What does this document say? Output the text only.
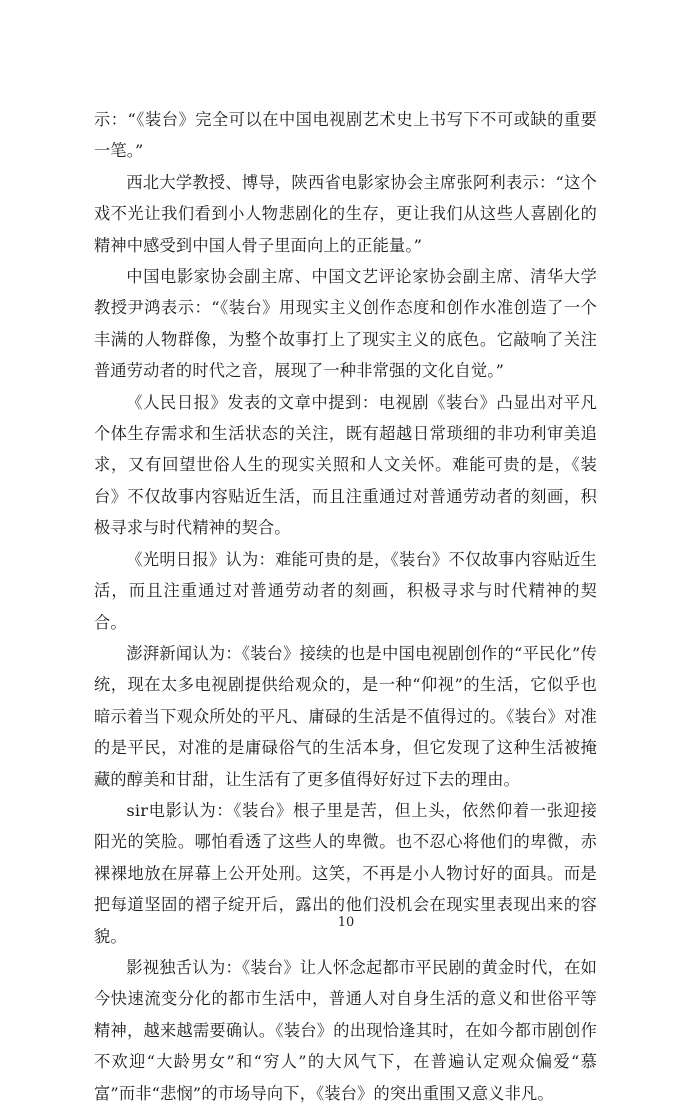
示：“《装台》完全可以在中国电视剧艺术史上书写下不可或缺的重要一笔。”

西北大学教授、博导，陕西省电影家协会主席张阿利表示：“这个戏不光让我们看到小人物悲剧化的生存，更让我们从这些人喜剧化的精神中感受到中国人骨子里面向上的正能量。”

中国电影家协会副主席、中国文艺评论家协会副主席、清华大学教授尹鸿表示：“《装台》用现实主义创作态度和创作水准创造了一个丰满的人物群像，为整个故事打上了现实主义的底色。它敲响了关注普通劳动者的时代之音，展现了一种非常强的文化自觉。”

《人民日报》发表的文章中提到：电视剧《装台》凸显出对平凡个体生存需求和生活状态的关注，既有超越日常琐细的非功利审美追求，又有回望世俗人生的现实关照和人文关怀。难能可贵的是，《装台》不仅故事内容贴近生活，而且注重通过对普通劳动者的刻画，积极寻求与时代精神的契合。

《光明日报》认为：难能可贵的是，《装台》不仅故事内容贴近生活，而且注重通过对普通劳动者的刻画，积极寻求与时代精神的契合。

澎湃新闻认为：《装台》接续的也是中国电视剧创作的“平民化”传统，现在太多电视剧提供给观众的，是一种“仰视”的生活，它似乎也暗示着当下观众所处的平凡、庸碌的生活是不值得过的。《装台》对准的是平民，对准的是庸碌俗气的生活本身，但它发现了这种生活被掩藏的醇美和甘甜，让生活有了更多值得好好过下去的理由。

sir电影认为：《装台》根子里是苦，但上头，依然仰着一张迎接阳光的笑脸。哪怕看透了这些人的卑微。也不忍心将他们的卑微，赤裸裸地放在屏幕上公开处刑。这笑，不再是小人物讨好的面具。而是把每道坚固的褶子绽开后，露出的他们没机会在现实里表现出来的容貌。

影视独舌认为：《装台》让人怀念起都市平民剧的黄金时代，在如今快速流变分化的都市生活中，普通人对自身生活的意义和世俗平等精神，越来越需要确认。《装台》的出现恰逢其时，在如今都市剧创作不欢迎“大龄男女”和“穷人”的大风气下，在普遍认定观众偏爱“慕富”而非“悲悯”的市场导向下，《装台》的突出重围又意义非凡。

10
